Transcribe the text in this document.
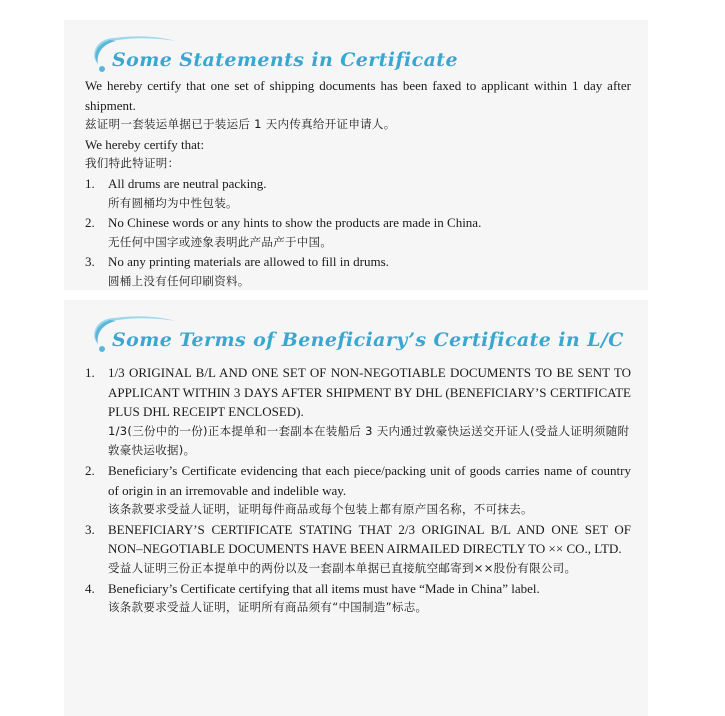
Some Statements in Certificate
We hereby certify that one set of shipping documents has been faxed to applicant within 1 day after shipment.
兹证明一套装运单据已于装运后 1 天内传真给开证申请人。
We hereby certify that:
我们特此特证明：
1. All drums are neutral packing.
所有圆桶均为中性包装。
2. No Chinese words or any hints to show the products are made in China.
无任何中国字或迹象表明此产品产于中国。
3. No any printing materials are allowed to fill in drums.
圆桶上没有任何印刷资料。
Some Terms of Beneficiary’s Certificate in L/C
1. 1/3 ORIGINAL B/L AND ONE SET OF NON-NEGOTIABLE DOCUMENTS TO BE SENT TO APPLICANT WITHIN 3 DAYS AFTER SHIPMENT BY DHL (BENEFICIARY’S CERTIFICATE PLUS DHL RECEIPT ENCLOSED).
1/3(三份中的一份)正本提单和一套副本在装船后 3 天内通过敦豪快运送交开证人(受益人证明须随附敦豪快运收据)。
2. Beneficiary’s Certificate evidencing that each piece/packing unit of goods carries name of country of origin in an irremovable and indelible way.
该条款要求受益人证明，证明每件商品或每个包装上都有原产国名称，不可抹去。
3. BENEFICIARY’S CERTIFICATE STATING THAT 2/3 ORIGINAL B/L AND ONE SET OF NON–NEGOTIABLE DOCUMENTS HAVE BEEN AIRMAILED DIRECTLY TO ×× CO., LTD.
受益人证明三份正本提单中的两份以及一套副本单据已直接航空邮寄到××股份有限公司。
4. Beneficiary’s Certificate certifying that all items must have “Made in China” label.
该条款要求受益人证明，证明所有商品须有“中国制造”标志。
